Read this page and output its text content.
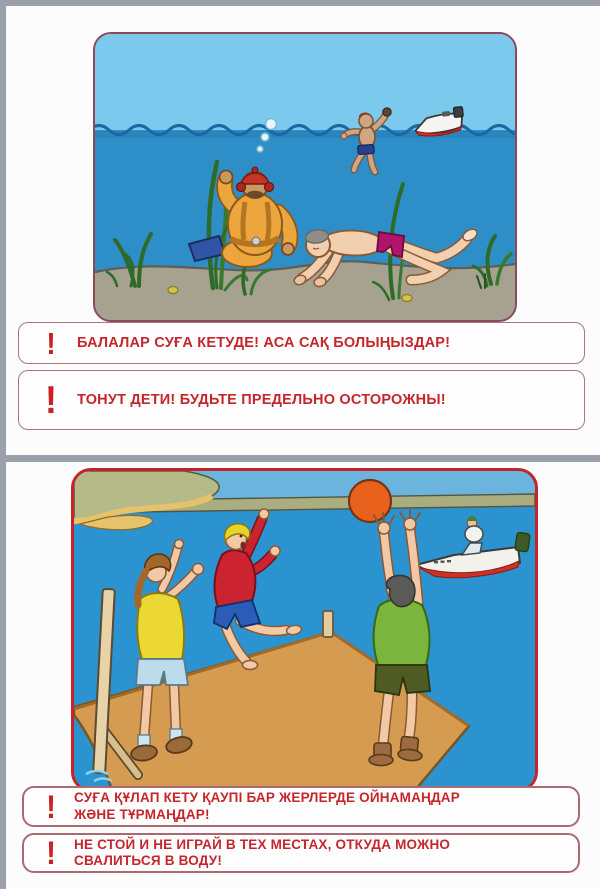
!	БАЛАЛАР СУҒА КЕТУДЕ! АСА САҚ БОЛЫҢЫЗДАР!
!	ТОНУТ ДЕТИ! БУДЬТЕ ПРЕДЕЛЬНО ОСТОРОЖНЫ!
!	СУҒА ҚҰЛАП КЕТУ ҚАУПІ БАР ЖЕРЛЕРДЕ ОЙНАМАҢДАР
ЖӘНЕ ТҰРМАҢДАР!
!	НЕ СТОЙ И НЕ ИГРАЙ В ТЕХ МЕСТАХ, ОТКУДА МОЖНО
СВАЛИТЬСЯ В ВОДУ!
